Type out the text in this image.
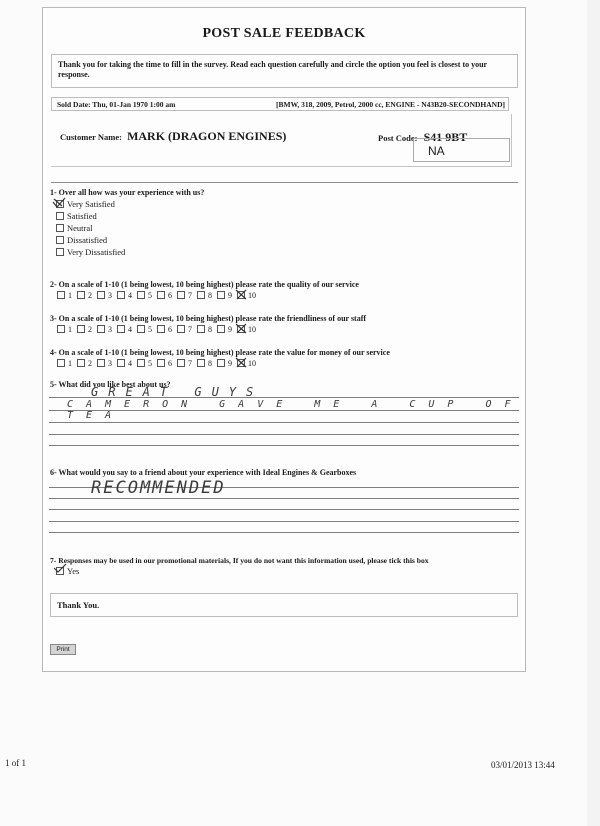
POST SALE FEEDBACK
Thank you for taking the time to fill in the survey. Read each question carefully and circle the option you feel is closest to your response.
Sold Date: Thu, 01-Jan 1970 1:00 am	[BMW, 318, 2009, Petrol, 2000 cc, ENGINE - N43B20-SECONDHAND]
Customer Name: MARK (DRAGON ENGINES)	Post Code: S41 9BT
NA
1- Over all how was your experience with us?
Very Satisfied
Satisfied
Neutral
Dissatisfied
Very Dissatisfied
2- On a scale of 1-10 (1 being lowest, 10 being highest) please rate the quality of our service
1 2 3 4 5 6 7 8 9 10
3- On a scale of 1-10 (1 being lowest, 10 being highest) please rate the friendliness of our staff
1 2 3 4 5 6 7 8 9 10
4- On a scale of 1-10 (1 being lowest, 10 being highest) please rate the value for money of our service
1 2 3 4 5 6 7 8 9 10
5- What did you like best about us?
GREAT GUYS
CAMERON GAVE ME A CUP OF TEA
6- What would you say to a friend about your experience with Ideal Engines & Gearboxes
RECOMMENDED
7- Responses may be used in our promotional materials, If you do not want this information used, please tick this box
Yes
Thank You.
Print
1 of 1	03/01/2013 13:44
